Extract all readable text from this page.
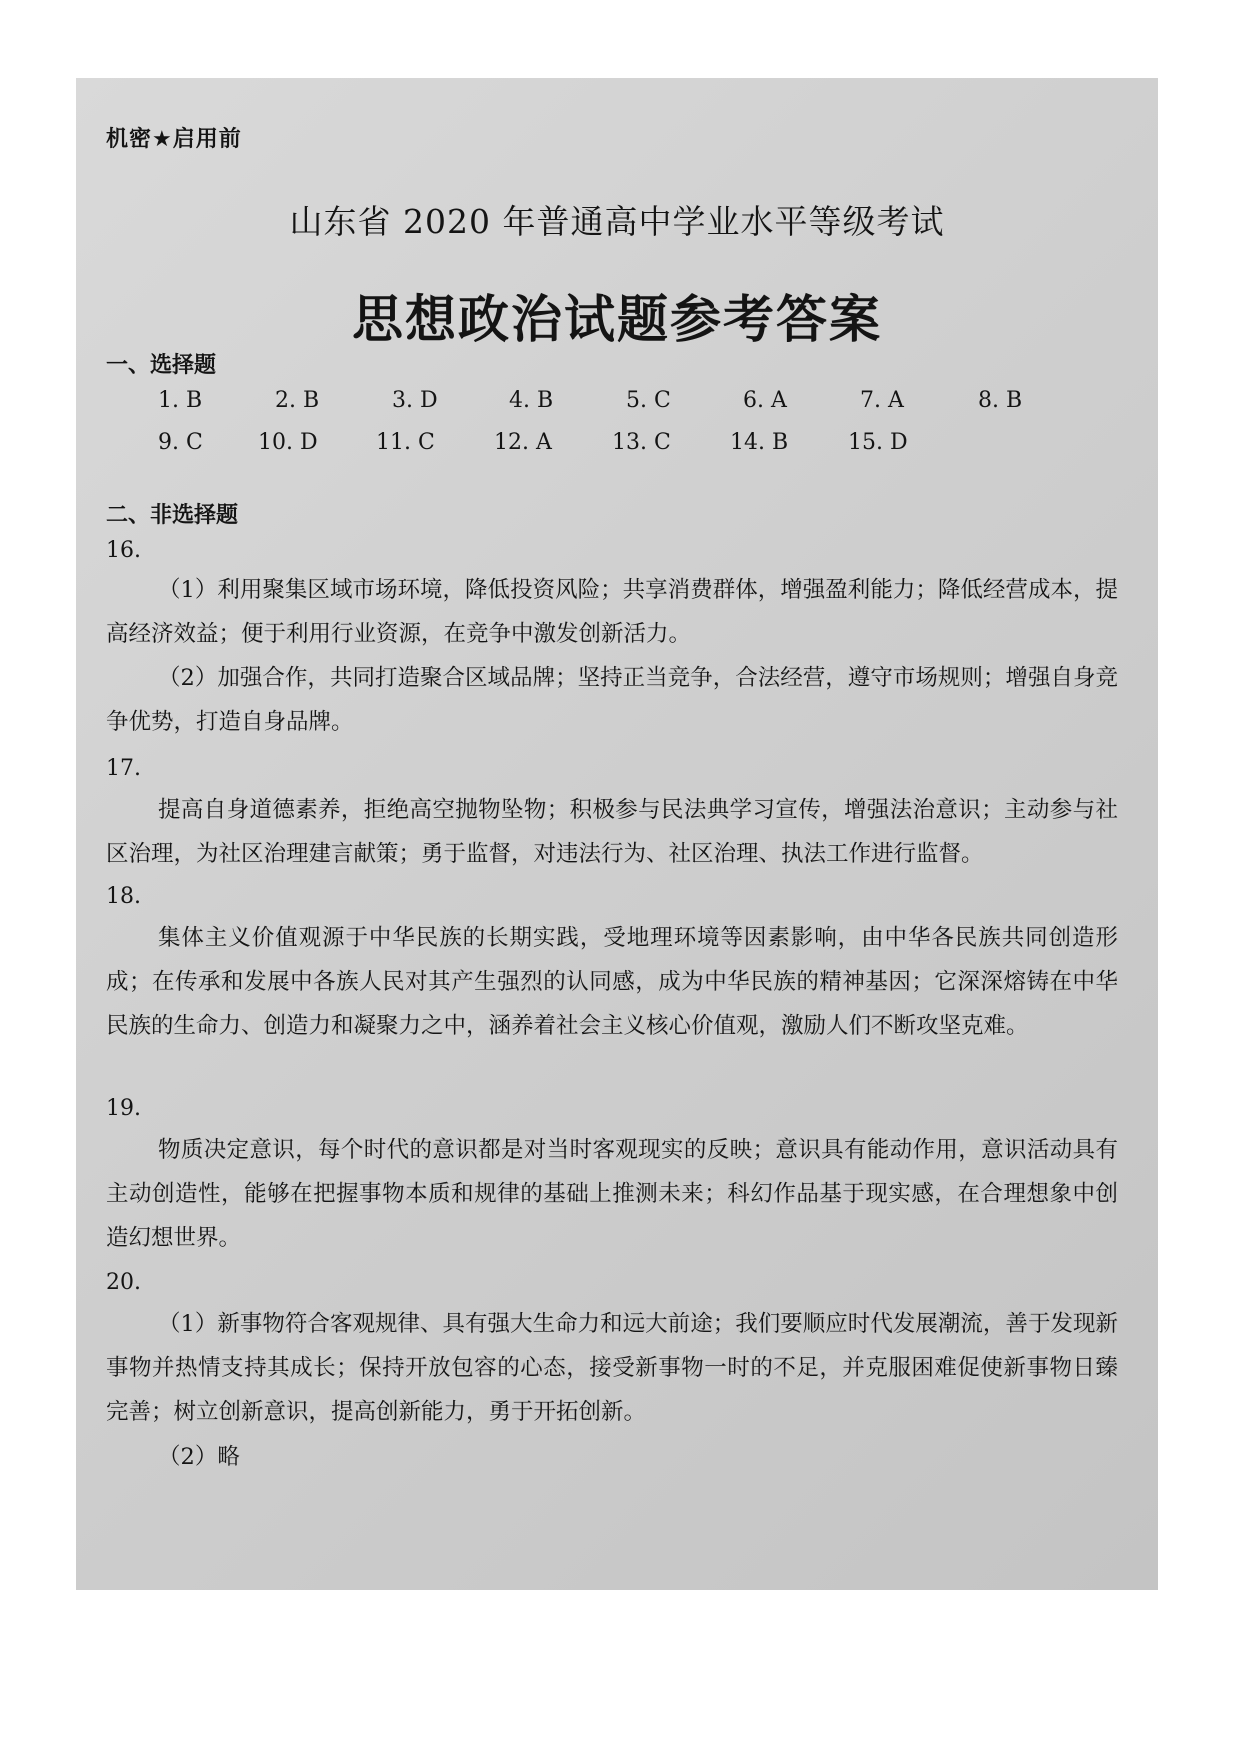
机密★启用前
山东省 2020 年普通高中学业水平等级考试
思想政治试题参考答案
一、选择题
1. B	2. B	3. D	4. B	5. C	6. A	7. A	8. B
9. C	10. D	11. C	12. A	13. C	14. B	15. D
二、非选择题
16.
（1）利用聚集区域市场环境，降低投资风险；共享消费群体，增强盈利能力；降低经营成本，提高经济效益；便于利用行业资源，在竞争中激发创新活力。
（2）加强合作，共同打造聚合区域品牌；坚持正当竞争，合法经营，遵守市场规则；增强自身竞争优势，打造自身品牌。
17.
提高自身道德素养，拒绝高空抛物坠物；积极参与民法典学习宣传，增强法治意识；主动参与社区治理，为社区治理建言献策；勇于监督，对违法行为、社区治理、执法工作进行监督。
18.
集体主义价值观源于中华民族的长期实践，受地理环境等因素影响，由中华各民族共同创造形成；在传承和发展中各族人民对其产生强烈的认同感，成为中华民族的精神基因；它深深熔铸在中华民族的生命力、创造力和凝聚力之中，涵养着社会主义核心价值观，激励人们不断攻坚克难。
19.
物质决定意识，每个时代的意识都是对当时客观现实的反映；意识具有能动作用，意识活动具有主动创造性，能够在把握事物本质和规律的基础上推测未来；科幻作品基于现实感，在合理想象中创造幻想世界。
20.
（1）新事物符合客观规律、具有强大生命力和远大前途；我们要顺应时代发展潮流，善于发现新事物并热情支持其成长；保持开放包容的心态，接受新事物一时的不足，并克服困难促使新事物日臻完善；树立创新意识，提高创新能力，勇于开拓创新。
（2）略
